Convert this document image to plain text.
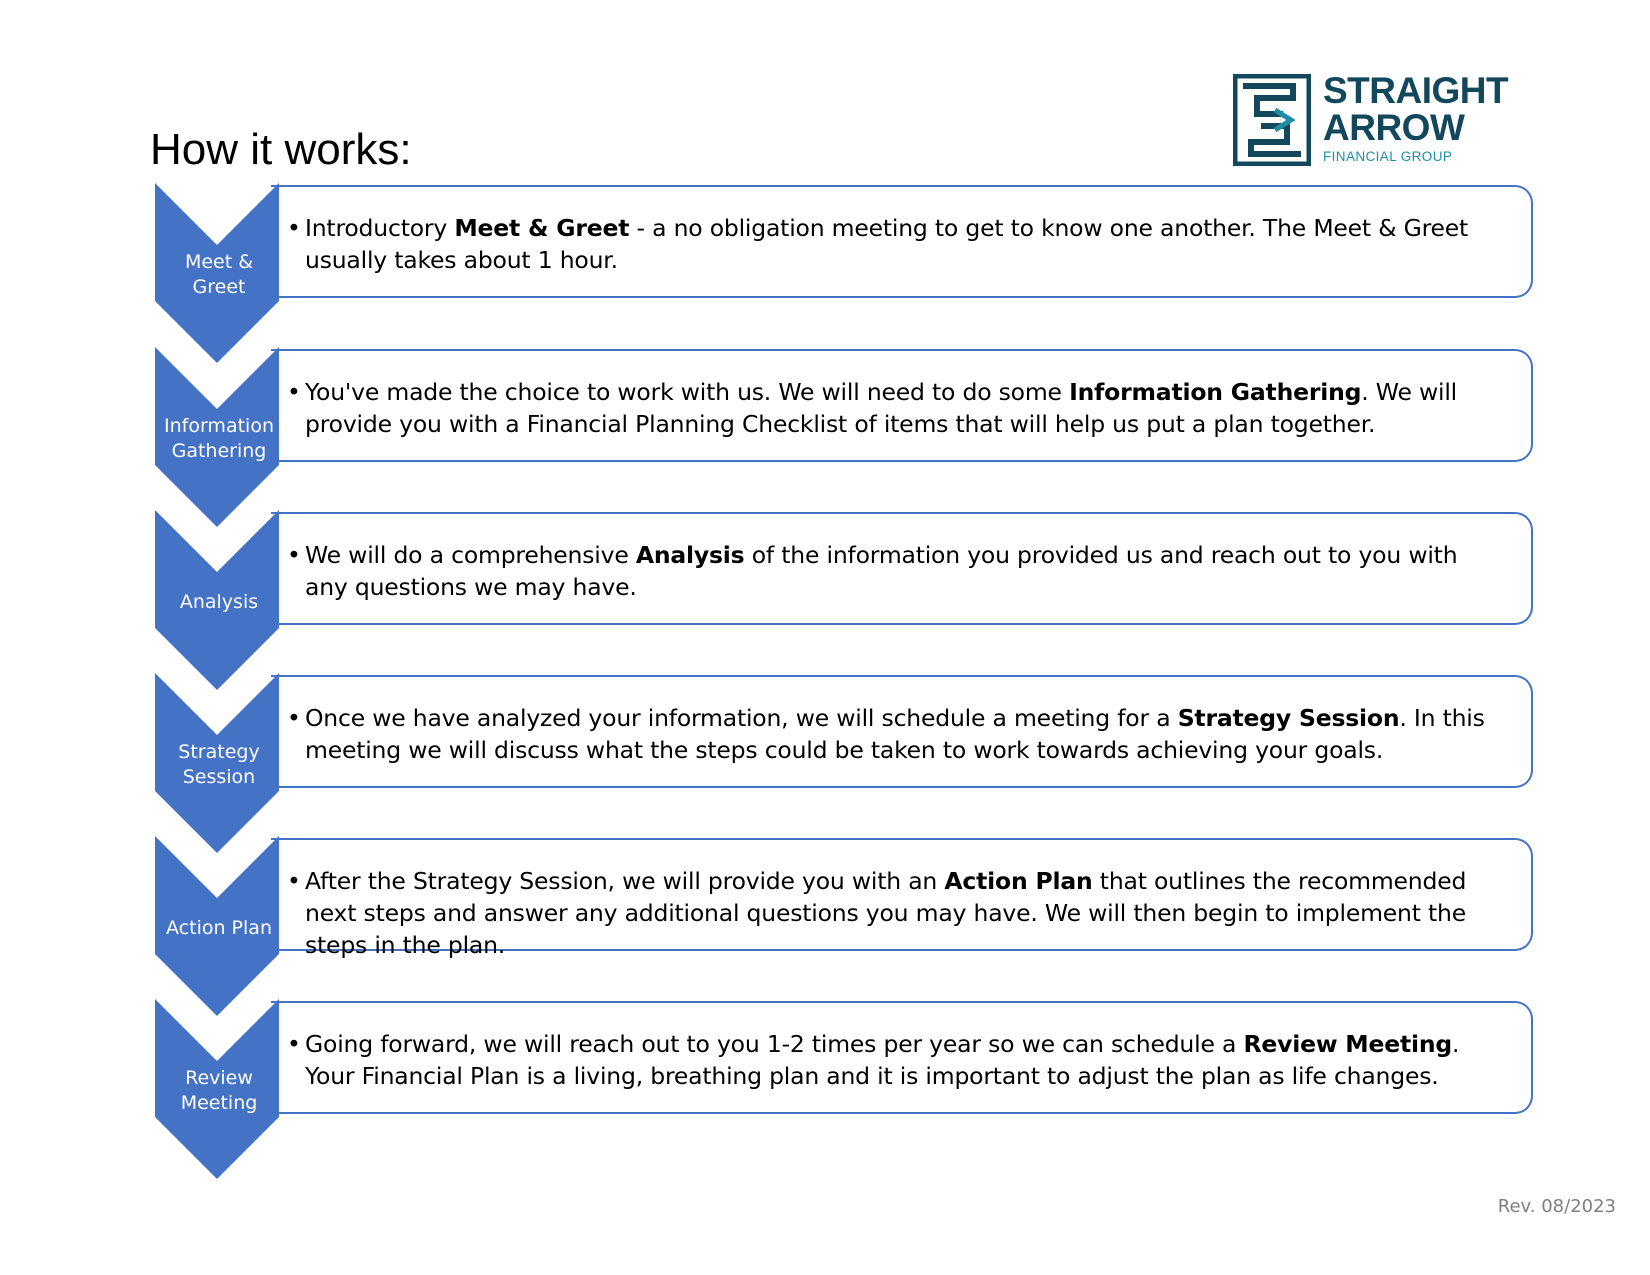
How it works:
STRAIGHT
ARROW
FINANCIAL GROUP
• Introductory Meet & Greet - a no obligation meeting to get to know one another. The Meet & Greet usually takes about 1 hour.
Meet &
Greet
• You've made the choice to work with us. We will need to do some Information Gathering. We will provide you with a Financial Planning Checklist of items that will help us put a plan together.
Information
Gathering
• We will do a comprehensive Analysis of the information you provided us and reach out to you with any questions we may have.
Analysis
• Once we have analyzed your information, we will schedule a meeting for a Strategy Session. In this meeting we will discuss what the steps could be taken to work towards achieving your goals.
Strategy
Session
• After the Strategy Session, we will provide you with an Action Plan that outlines the recommended next steps and answer any additional questions you may have. We will then begin to implement the steps in the plan.
Action Plan
• Going forward, we will reach out to you 1-2 times per year so we can schedule a Review Meeting. Your Financial Plan is a living, breathing plan and it is important to adjust the plan as life changes.
Review
Meeting
Rev. 08/2023
